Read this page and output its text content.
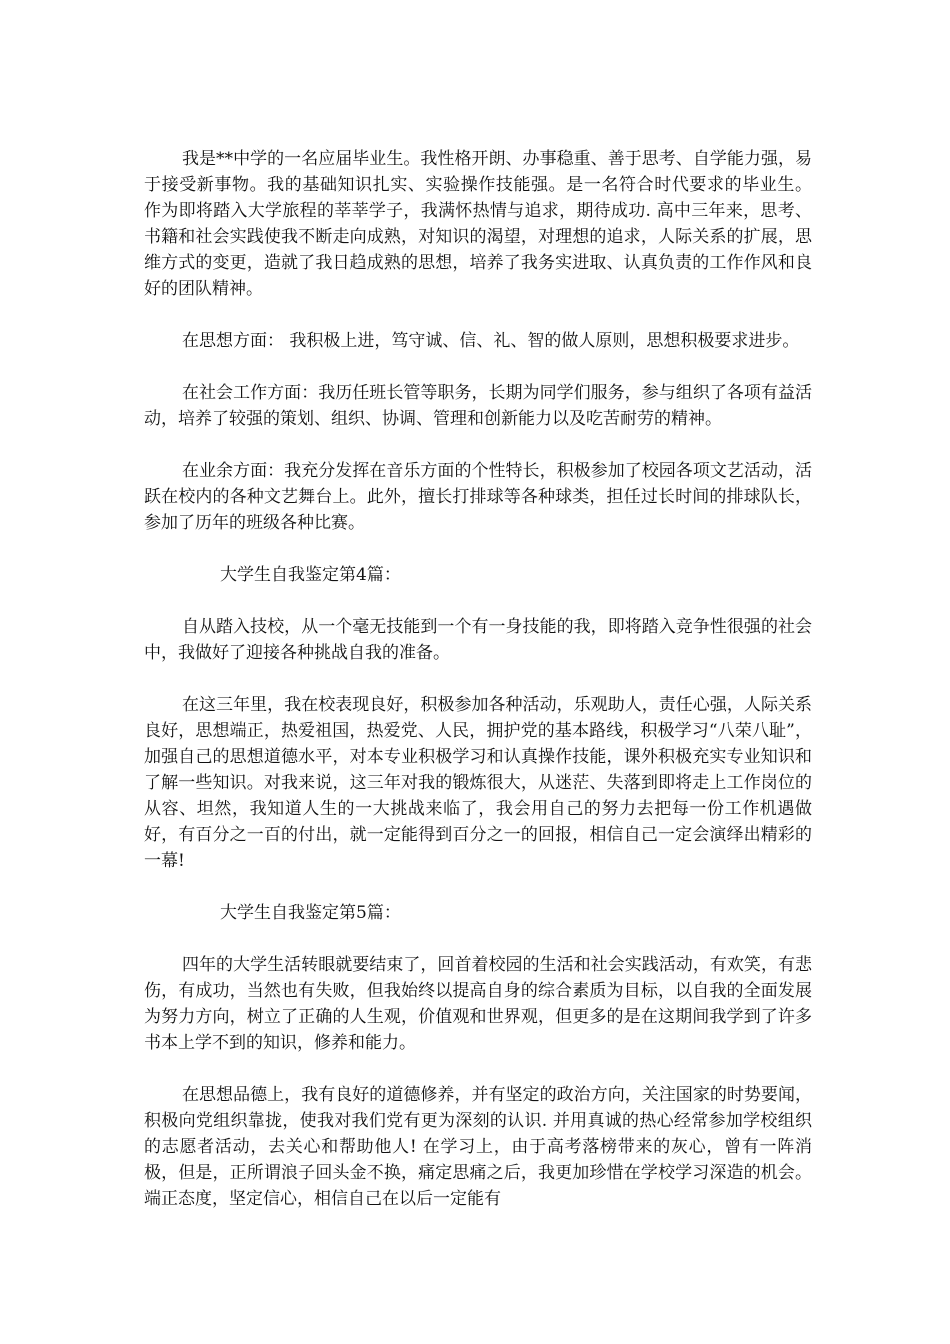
我是**中学的一名应届毕业生。我性格开朗、办事稳重、善于思考、自学能力强，易于接受新事物。我的基础知识扎实、实验操作技能强。是一名符合时代要求的毕业生。 作为即将踏入大学旅程的莘莘学子，我满怀热情与追求，期待成功. 高中三年来，思考、书籍和社会实践使我不断走向成熟，对知识的渴望，对理想的追求，人际关系的扩展，思维方式的变更，造就了我日趋成熟的思想，培养了我务实进取、认真负责的工作作风和良好的团队精神。

在思想方面： 我积极上进，笃守诚、信、礼、智的做人原则，思想积极要求进步。

在社会工作方面：我历任班长管等职务，长期为同学们服务，参与组织了各项有益活动，培养了较强的策划、组织、协调、管理和创新能力以及吃苦耐劳的精神。

在业余方面：我充分发挥在音乐方面的个性特长，积极参加了校园各项文艺活动，活跃在校内的各种文艺舞台上。此外，擅长打排球等各种球类，担任过长时间的排球队长，参加了历年的班级各种比赛。

大学生自我鉴定第4篇：

自从踏入技校，从一个毫无技能到一个有一身技能的我，即将踏入竞争性很强的社会中，我做好了迎接各种挑战自我的准备。

在这三年里，我在校表现良好，积极参加各种活动，乐观助人，责任心强，人际关系良好，思想端正，热爱祖国，热爱党、人民，拥护党的基本路线，积极学习“八荣八耻”，加强自己的思想道德水平，对本专业积极学习和认真操作技能，课外积极充实专业知识和了解一些知识。对我来说，这三年对我的锻炼很大，从迷茫、失落到即将走上工作岗位的从容、坦然，我知道人生的一大挑战来临了，我会用自己的努力去把每一份工作机遇做好，有百分之一百的付出，就一定能得到百分之一的回报，相信自己一定会演绎出精彩的一幕!

大学生自我鉴定第5篇：

四年的大学生活转眼就要结束了，回首着校园的生活和社会实践活动，有欢笑，有悲伤，有成功，当然也有失败，但我始终以提高自身的综合素质为目标，以自我的全面发展为努力方向，树立了正确的人生观，价值观和世界观，但更多的是在这期间我学到了许多书本上学不到的知识，修养和能力。

在思想品德上，我有良好的道德修养，并有坚定的政治方向，关注国家的时势要闻，积极向党组织靠拢，使我对我们党有更为深刻的认识. 并用真诚的热心经常参加学校组织的志愿者活动，去关心和帮助他人! 在学习上，由于高考落榜带来的灰心，曾有一阵消极，但是，正所谓浪子回头金不换，痛定思痛之后，我更加珍惜在学校学习深造的机会。端正态度，坚定信心，相信自己在以后一定能有
